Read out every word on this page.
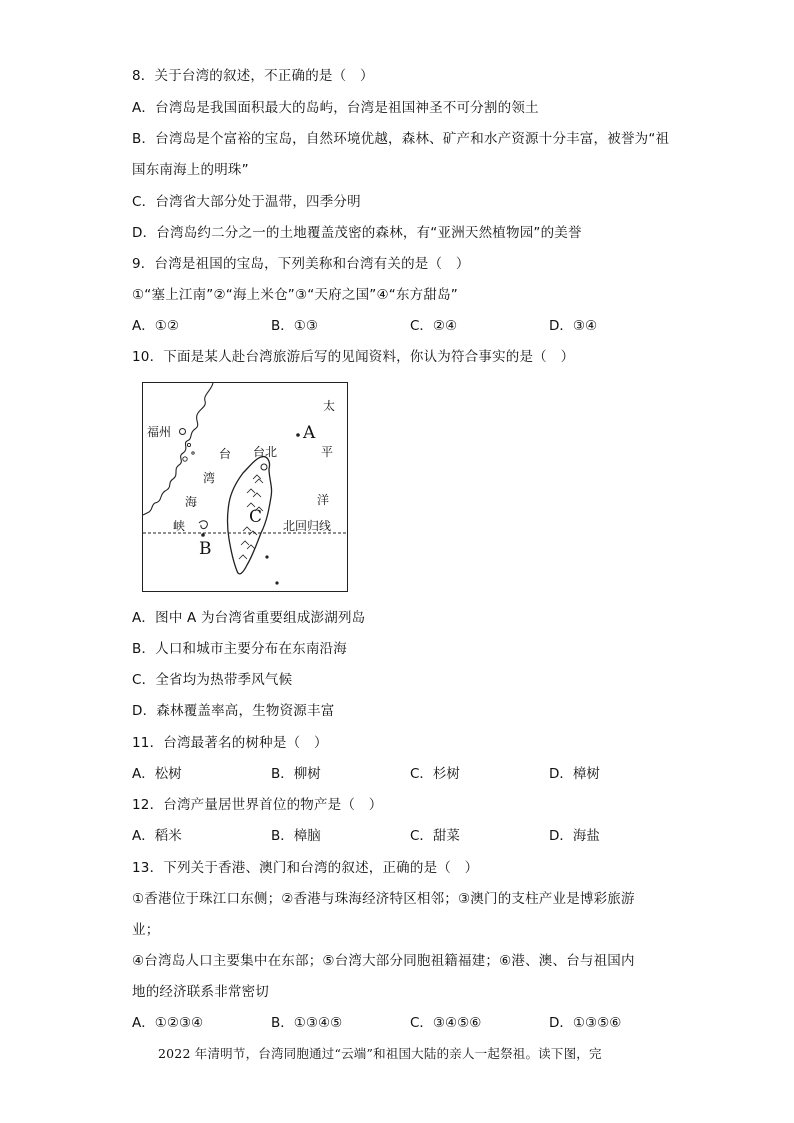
8．关于台湾的叙述，不正确的是（　）
A．台湾岛是我国面积最大的岛屿，台湾是祖国神圣不可分割的领土
B．台湾岛是个富裕的宝岛，自然环境优越，森林、矿产和水产资源十分丰富，被誉为“祖
国东南海上的明珠”
C．台湾省大部分处于温带，四季分明
D．台湾岛约二分之一的土地覆盖茂密的森林，有“亚洲天然植物园”的美誉
9．台湾是祖国的宝岛，下列美称和台湾有关的是（　）
①“塞上江南”②“海上米仓”③“天府之国”④“东方甜岛”
A．①②	B．①③	C．②④	D．③④
10．下面是某人赴台湾旅游后写的见闻资料，你认为符合事实的是（　）
福州
台
湾
海
峡
台北
太
平
洋
北回归线
A
B
C
A．图中 A 为台湾省重要组成澎湖列岛
B．人口和城市主要分布在东南沿海
C．全省均为热带季风气候
D．森林覆盖率高，生物资源丰富
11．台湾最著名的树种是（　）
A．松树	B．柳树	C．杉树	D．樟树
12．台湾产量居世界首位的物产是（　）
A．稻米	B．樟脑	C．甜菜	D．海盐
13．下列关于香港、澳门和台湾的叙述，正确的是（　）
①香港位于珠江口东侧；②香港与珠海经济特区相邻；③澳门的支柱产业是博彩旅游
业；
④台湾岛人口主要集中在东部；⑤台湾大部分同胞祖籍福建；⑥港、澳、台与祖国内
地的经济联系非常密切
A．①②③④	B．①③④⑤	C．③④⑤⑥	D．①③⑤⑥
2022 年清明节，台湾同胞通过“云端”和祖国大陆的亲人一起祭祖。读下图，完
